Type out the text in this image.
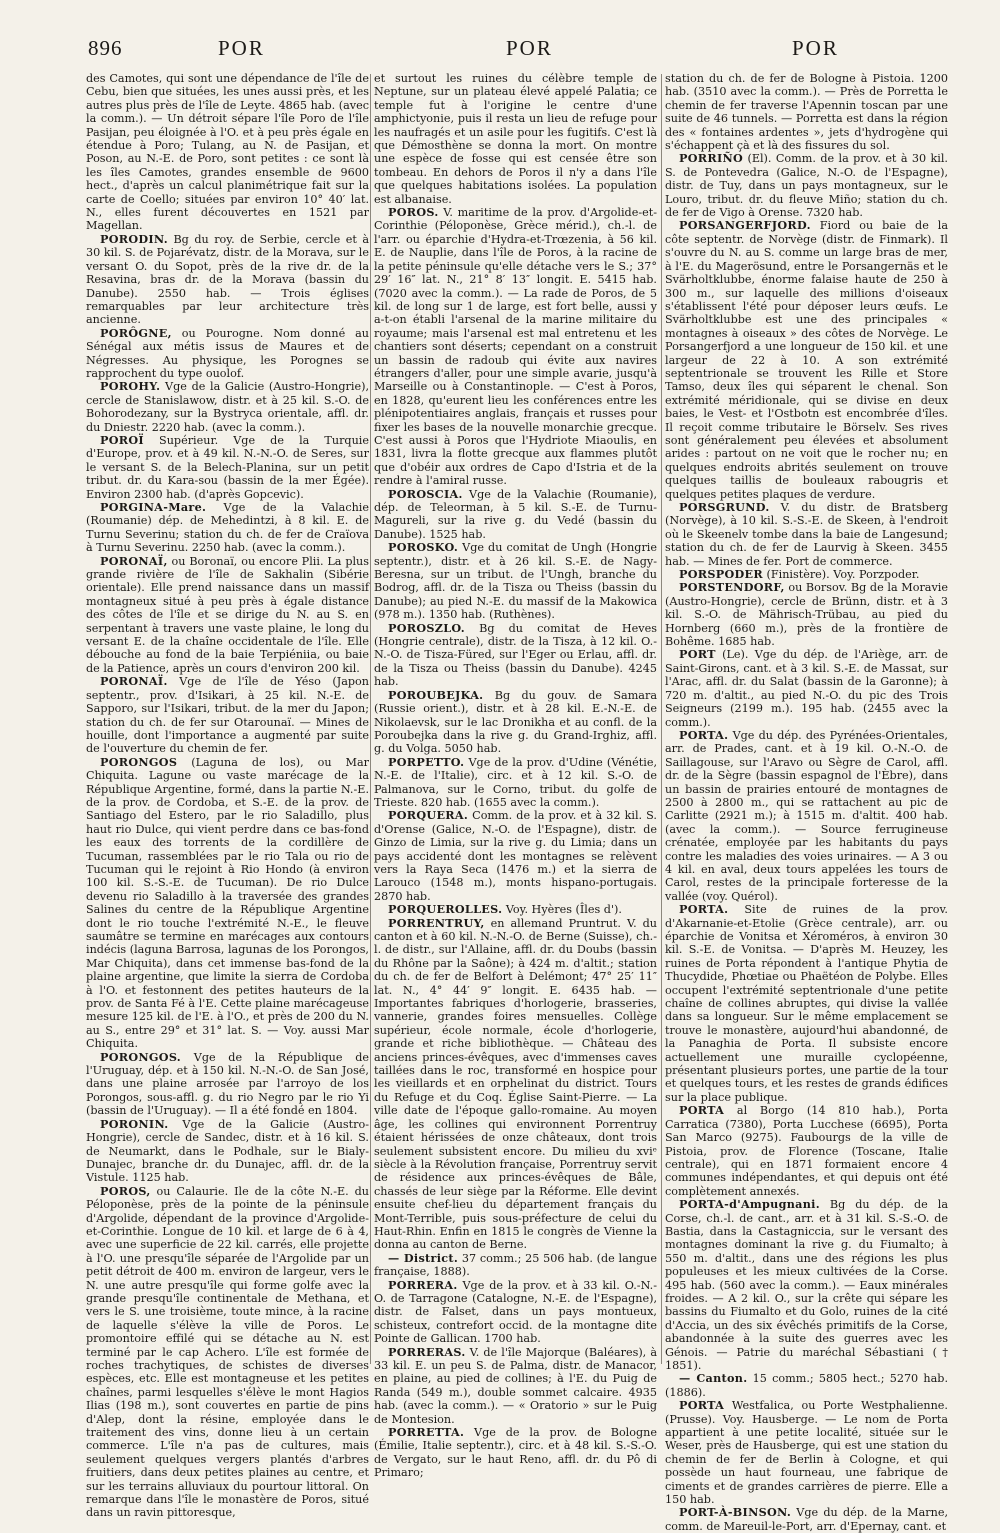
896	POR	POR	POR

des Camotes, qui sont une dépendance de l'île de Cebu, bien que situées, les unes aussi près, et les autres plus près de l'île de Leyte. 4865 hab. (avec la comm.). — Un détroit sépare l'île Poro de l'île Pasijan, peu éloignée à l'O. et à peu près égale en étendue à Poro; Tulang, au N. de Pasijan, et Poson, au N.-E. de Poro, sont petites : ce sont là les îles Camotes, grandes ensemble de 9600 hect., d'après un calcul planimétrique fait sur la carte de Coello; situées par environ 10° 40′ lat. N., elles furent découvertes en 1521 par Magellan.

PORODIN. Bg du roy. de Serbie, cercle et à 30 kil. S. de Pojarévatz, distr. de la Morava, sur le versant O. du Sopot, près de la rive dr. de la Resavina, bras dr. de la Morava (bassin du Danube). 2550 hab. — Trois églises remarquables par leur architecture très ancienne.

PORÔGNE, ou Pourogne. Nom donné au Sénégal aux métis issus de Maures et de Négresses. Au physique, les Porognes se rapprochent du type ouolof.

POROHY. Vge de la Galicie (Austro-Hongrie), cercle de Stanislawow, distr. et à 25 kil. S.-O. de Bohorodezany, sur la Bystryca orientale, affl. dr. du Dniestr. 2220 hab. (avec la comm.).

POROÏ Supérieur. Vge de la Turquie d'Europe, prov. et à 49 kil. N.-N.-O. de Seres, sur le versant S. de la Belech-Planina, sur un petit tribut. dr. du Kara-sou (bassin de la mer Égée). Environ 2300 hab. (d'après Gopcevic).

PORGINA-Mare. Vge de la Valachie (Roumanie) dép. de Mehedintzi, à 8 kil. E. de Turnu Severinu; station du ch. de fer de Craïova à Turnu Severinu. 2250 hab. (avec la comm.).

PORONAÏ, ou Boronaï, ou encore Plii. La plus grande rivière de l'île de Sakhalin (Sibérie orientale). Elle prend naissance dans un massif montagneux situé à peu près à égale distance des côtes de l'île et se dirige du N. au S. en serpentant à travers une vaste plaine, le long du versant E. de la chaîne occidentale de l'île. Elle débouche au fond de la baie Terpiéniia, ou baie de la Patience, après un cours d'environ 200 kil.

PORONAÏ. Vge de l'île de Yéso (Japon septentr., prov. d'Isikari, à 25 kil. N.-E. de Sapporo, sur l'Isikari, tribut. de la mer du Japon; station du ch. de fer sur Otarounaï. — Mines de houille, dont l'importance a augmenté par suite de l'ouverture du chemin de fer.

PORONGOS (Laguna de los), ou Mar Chiquita. Lagune ou vaste marécage de la République Argentine, formé, dans la partie N.-E. de la prov. de Cordoba, et S.-E. de la prov. de Santiago del Estero, par le rio Saladillo, plus haut rio Dulce, qui vient perdre dans ce bas-fond les eaux des torrents de la cordillère de Tucuman, rassemblées par le rio Tala ou rio de Tucuman qui le rejoint à Rio Hondo (à environ 100 kil. S.-S.-E. de Tucuman). De rio Dulce devenu rio Saladillo à la traversée des grandes Salines du centre de la République Argentine dont le rio touche l'extrémité N.-E., le fleuve saumâtre se termine en marécages aux contours indécis (laguna Barrosa, lagunas de los Porongos, Mar Chiquita), dans cet immense bas-fond de la plaine argentine, que limite la sierra de Cordoba à l'O. et festonnent des petites hauteurs de la prov. de Santa Fé à l'E. Cette plaine marécageuse mesure 125 kil. de l'E. à l'O., et près de 200 du N. au S., entre 29° et 31° lat. S. — Voy. aussi Mar Chiquita.

PORONGOS. Vge de la République de l'Uruguay, dép. et à 150 kil. N.-N.-O. de San José, dans une plaine arrosée par l'arroyo de los Porongos, sous-affl. g. du rio Negro par le rio Yi (bassin de l'Uruguay). — Il a été fondé en 1804.

PORONIN. Vge de la Galicie (Austro-Hongrie), cercle de Sandec, distr. et à 16 kil. S. de Neumarkt, dans le Podhale, sur le Bialy-Dunajec, branche dr. du Dunajec, affl. dr. de la Vistule. 1125 hab.

POROS, ou Calaurie. Ile de la côte N.-E. du Péloponèse, près de la pointe de la péninsule d'Argolide, dépendant de la province d'Argolide-et-Corinthie. Longue de 10 kil. et large de 6 à 4, avec une superficie de 22 kil. carrés, elle projette à l'O. une presqu'île séparée de l'Argolide par un petit détroit de 400 m. environ de largeur, vers le N. une autre presqu'île qui forme golfe avec la grande presqu'île continentale de Methana, et vers le S. une troisième, toute mince, à la racine de laquelle s'élève la ville de Poros. Le promontoire effilé qui se détache au N. est terminé par le cap Achero. L'île est formée de roches trachytiques, de schistes de diverses espèces, etc. Elle est montagneuse et les petites chaînes, parmi lesquelles s'élève le mont Hagios Ilias (198 m.), sont couvertes en partie de pins d'Alep, dont la résine, employée dans le traitement des vins, donne lieu à un certain commerce. L'île n'a pas de cultures, mais seulement quelques vergers plantés d'arbres fruitiers, dans deux petites plaines au centre, et sur les terrains alluviaux du pourtour littoral. On remarque dans l'île le monastère de Poros, situé dans un ravin pittoresque,

et surtout les ruines du célèbre temple de Neptune, sur un plateau élevé appelé Palatia; ce temple fut à l'origine le centre d'une amphictyonie, puis il resta un lieu de refuge pour les naufragés et un asile pour les fugitifs. C'est là que Démosthène se donna la mort. On montre une espèce de fosse qui est censée être son tombeau. En dehors de Poros il n'y a dans l'île que quelques habitations isolées. La population est albanaise.

POROS. V. maritime de la prov. d'Argolide-et-Corinthie (Péloponèse, Grèce mérid.), ch.-l. de l'arr. ou éparchie d'Hydra-et-Trœzenia, à 56 kil. E. de Nauplie, dans l'île de Poros, à la racine de la petite péninsule qu'elle détache vers le S.; 37° 29′ 16″ lat. N., 21° 8′ 13″ longit. E. 5415 hab. (7020 avec la comm.). — La rade de Poros, de 5 kil. de long sur 1 de large, est fort belle, aussi y a-t-on établi l'arsenal de la marine militaire du royaume; mais l'arsenal est mal entretenu et les chantiers sont déserts; cependant on a construit un bassin de radoub qui évite aux navires étrangers d'aller, pour une simple avarie, jusqu'à Marseille ou à Constantinople. — C'est à Poros, en 1828, qu'eurent lieu les conférences entre les plénipotentiaires anglais, français et russes pour fixer les bases de la nouvelle monarchie grecque. C'est aussi à Poros que l'Hydriote Miaoulis, en 1831, livra la flotte grecque aux flammes plutôt que d'obéir aux ordres de Capo d'Istria et de la rendre à l'amiral russe.

POROSCIA. Vge de la Valachie (Roumanie), dép. de Teleorman, à 5 kil. S.-E. de Turnu-Magureli, sur la rive g. du Vedé (bassin du Danube). 1525 hab.

POROSKO. Vge du comitat de Ungh (Hongrie septentr.), distr. et à 26 kil. S.-E. de Nagy-Beresna, sur un tribut. de l'Ungh, branche du Bodrog, affl. dr. de la Tisza ou Theiss (bassin du Danube); au pied N.-E. du massif de la Makowica (978 m.). 1350 hab. (Ruthènes).

POROSZLO. Bg du comitat de Heves (Hongrie centrale), distr. de la Tisza, à 12 kil. O.-N.-O. de Tisza-Füred, sur l'Eger ou Erlau, affl. dr. de la Tisza ou Theiss (bassin du Danube). 4245 hab.

POROUBEJKA. Bg du gouv. de Samara (Russie orient.), distr. et à 28 kil. E.-N.-E. de Nikolaevsk, sur le lac Dronikha et au confl. de la Poroubejka dans la rive g. du Grand-Irghiz, affl. g. du Volga. 5050 hab.

PORPETTO. Vge de la prov. d'Udine (Vénétie, N.-E. de l'Italie), circ. et à 12 kil. S.-O. de Palmanova, sur le Corno, tribut. du golfe de Trieste. 820 hab. (1655 avec la comm.).

PORQUERA. Comm. de la prov. et à 32 kil. S. d'Orense (Galice, N.-O. de l'Espagne), distr. de Ginzo de Limia, sur la rive g. du Limia; dans un pays accidenté dont les montagnes se relèvent vers la Raya Seca (1476 m.) et la sierra de Larouco (1548 m.), monts hispano-portugais. 2870 hab.

PORQUEROLLES. Voy. Hyères (Îles d').

PORRENTRUY, en allemand Pruntrut. V. du canton et à 60 kil. N.-N.-O. de Berne (Suisse), ch.-l. de distr., sur l'Allaine, affl. dr. du Doubs (bassin du Rhône par la Saône); à 424 m. d'altit.; station du ch. de fer de Belfort à Delémont; 47° 25′ 11″ lat. N., 4° 44′ 9″ longit. E. 6435 hab. — Importantes fabriques d'horlogerie, brasseries, vannerie, grandes foires mensuelles. Collège supérieur, école normale, école d'horlogerie, grande et riche bibliothèque. — Château des anciens princes-évêques, avec d'immenses caves taillées dans le roc, transformé en hospice pour les vieillards et en orphelinat du district. Tours du Refuge et du Coq. Église Saint-Pierre. — La ville date de l'époque gallo-romaine. Au moyen âge, les collines qui environnent Porrentruy étaient hérissées de onze châteaux, dont trois seulement subsistent encore. Du milieu du xviᵉ siècle à la Révolution française, Porrentruy servit de résidence aux princes-évêques de Bâle, chassés de leur siège par la Réforme. Elle devint ensuite chef-lieu du département français du Mont-Terrible, puis sous-préfecture de celui du Haut-Rhin. Enfin en 1815 le congrès de Vienne la donna au canton de Berne.

— District. 37 comm.; 25 506 hab. (de langue française, 1888).

PORRERA. Vge de la prov. et à 33 kil. O.-N.-O. de Tarragone (Catalogne, N.-E. de l'Espagne), distr. de Falset, dans un pays montueux, schisteux, contrefort occid. de la montagne dite Pointe de Gallican. 1700 hab.

PORRERAS. V. de l'île Majorque (Baléares), à 33 kil. E. un peu S. de Palma, distr. de Manacor, en plaine, au pied de collines; à l'E. du Puig de Randa (549 m.), double sommet calcaire. 4935 hab. (avec la comm.). — « Oratorio » sur le Puig de Montesion.

PORRETTA. Vge de la prov. de Bologne (Émilie, Italie septentr.), circ. et à 48 kil. S.-S.-O. de Vergato, sur le haut Reno, affl. dr. du Pô di Primaro;

station du ch. de fer de Bologne à Pistoia. 1200 hab. (3510 avec la comm.). — Près de Porretta le chemin de fer traverse l'Apennin toscan par une suite de 46 tunnels. — Porretta est dans la région des « fontaines ardentes », jets d'hydrogène qui s'échappent çà et là des fissures du sol.

PORRIÑO (El). Comm. de la prov. et à 30 kil. S. de Pontevedra (Galice, N.-O. de l'Espagne), distr. de Tuy, dans un pays montagneux, sur le Louro, tribut. dr. du fleuve Miño; station du ch. de fer de Vigo à Orense. 7320 hab.

PORSANGERFJORD. Fiord ou baie de la côte septentr. de Norvège (distr. de Finmark). Il s'ouvre du N. au S. comme un large bras de mer, à l'E. du Magerösund, entre le Porsangernäs et le Svärholtklubbe, énorme falaise haute de 250 à 300 m., sur laquelle des millions d'oiseaux s'établissent l'été pour déposer leurs œufs. Le Svärholtklubbe est une des principales « montagnes à oiseaux » des côtes de Norvège. Le Porsangerfjord a une longueur de 150 kil. et une largeur de 22 à 10. A son extrémité septentrionale se trouvent les Rille et Store Tamso, deux îles qui séparent le chenal. Son extrémité méridionale, qui se divise en deux baies, le Vest- et l'Ostbotn est encombrée d'îles. Il reçoit comme tributaire le Börselv. Ses rives sont généralement peu élevées et absolument arides : partout on ne voit que le rocher nu; en quelques endroits abrités seulement on trouve quelques taillis de bouleaux rabougris et quelques petites plaques de verdure.

PORSGRUND. V. du distr. de Bratsberg (Norvège), à 10 kil. S.-S.-E. de Skeen, à l'endroit où le Skeenelv tombe dans la baie de Langesund; station du ch. de fer de Laurvig à Skeen. 3455 hab. — Mines de fer. Port de commerce.

PORSPODER (Finistère). Voy. Porzpoder.

PORSTENDORF, ou Borsov. Bg de la Moravie (Austro-Hongrie), cercle de Brünn, distr. et à 3 kil. S.-O. de Mährisch-Trübau, au pied du Hornberg (660 m.), près de la frontière de Bohême. 1685 hab.

PORT (Le). Vge du dép. de l'Ariège, arr. de Saint-Girons, cant. et à 3 kil. S.-E. de Massat, sur l'Arac, affl. dr. du Salat (bassin de la Garonne); à 720 m. d'altit., au pied N.-O. du pic des Trois Seigneurs (2199 m.). 195 hab. (2455 avec la comm.).

PORTA. Vge du dép. des Pyrénées-Orientales, arr. de Prades, cant. et à 19 kil. O.-N.-O. de Saillagouse, sur l'Aravo ou Sègre de Carol, affl. dr. de la Sègre (bassin espagnol de l'Èbre), dans un bassin de prairies entouré de montagnes de 2500 à 2800 m., qui se rattachent au pic de Carlitte (2921 m.); à 1515 m. d'altit. 400 hab. (avec la comm.). — Source ferrugineuse crénatée, employée par les habitants du pays contre les maladies des voies urinaires. — A 3 ou 4 kil. en aval, deux tours appelées les tours de Carol, restes de la principale forteresse de la vallée (voy. Quérol).

PORTA. Site de ruines de la prov. d'Akarnanie-et-Etolie (Grèce centrale), arr. ou éparchie de Vonitsa et Xéroméros, à environ 30 kil. S.-E. de Vonitsa. — D'après M. Heuzey, les ruines de Porta répondent à l'antique Phytia de Thucydide, Phœtiae ou Phaëtéon de Polybe. Elles occupent l'extrémité septentrionale d'une petite chaîne de collines abruptes, qui divise la vallée dans sa longueur. Sur le même emplacement se trouve le monastère, aujourd'hui abandonné, de la Panaghia de Porta. Il subsiste encore actuellement une muraille cyclopéenne, présentant plusieurs portes, une partie de la tour et quelques tours, et les restes de grands édifices sur la place publique.

PORTA al Borgo (14 810 hab.), Porta Carratica (7380), Porta Lucchese (6695), Porta San Marco (9275). Faubourgs de la ville de Pistoia, prov. de Florence (Toscane, Italie centrale), qui en 1871 formaient encore 4 communes indépendantes, et qui depuis ont été complètement annexés.

PORTA-d'Ampugnani. Bg du dép. de la Corse, ch.-l. de cant., arr. et à 31 kil. S.-S.-O. de Bastia, dans la Castagniccia, sur le versant des montagnes dominant la rive g. du Fiumalto; à 550 m. d'altit., dans une des régions les plus populeuses et les mieux cultivées de la Corse. 495 hab. (560 avec la comm.). — Eaux minérales froides. — A 2 kil. O., sur la crête qui sépare les bassins du Fiumalto et du Golo, ruines de la cité d'Accia, un des six évêchés primitifs de la Corse, abandonnée à la suite des guerres avec les Génois. — Patrie du maréchal Sébastiani († 1851).

— Canton. 15 comm.; 5805 hect.; 5270 hab. (1886).

PORTA Westfalica, ou Porte Westphalienne. (Prusse). Voy. Hausberge. — Le nom de Porta appartient à une petite localité, située sur le Weser, près de Hausberge, qui est une station du chemin de fer de Berlin à Cologne, et qui possède un haut fourneau, une fabrique de ciments et de grandes carrières de pierre. Elle a 150 hab.

PORT-À-BINSON. Vge du dép. de la Marne, comm. de Mareuil-le-Port, arr. d'Epernay, cant. et
